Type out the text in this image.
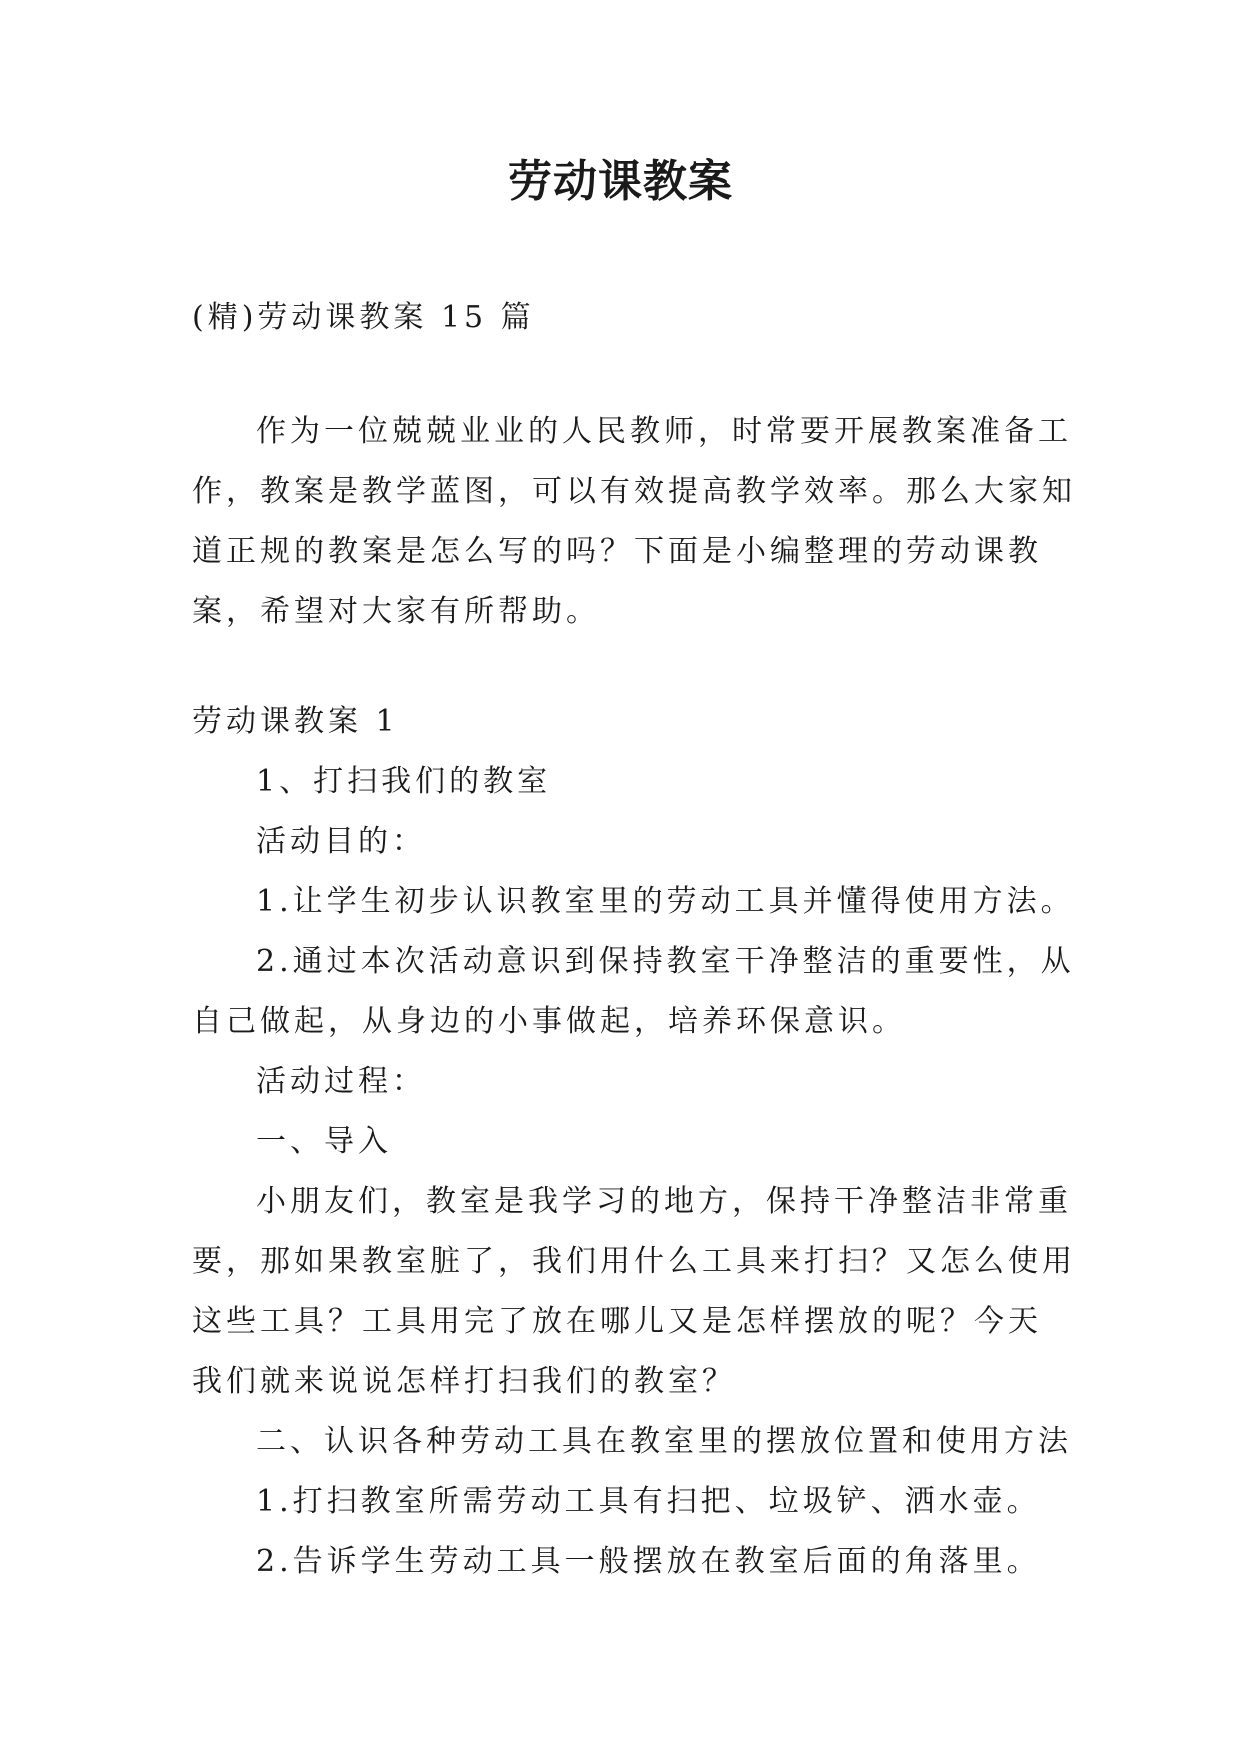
劳动课教案

(精)劳动课教案 15 篇

作为一位兢兢业业的人民教师，时常要开展教案准备工

作，教案是教学蓝图，可以有效提高教学效率。那么大家知

道正规的教案是怎么写的吗？下面是小编整理的劳动课教

案，希望对大家有所帮助。

劳动课教案 1

1、打扫我们的教室

活动目的：

1.让学生初步认识教室里的劳动工具并懂得使用方法。

2.通过本次活动意识到保持教室干净整洁的重要性，从

自己做起，从身边的小事做起，培养环保意识。

活动过程：

一、导入

小朋友们，教室是我学习的地方，保持干净整洁非常重

要，那如果教室脏了，我们用什么工具来打扫？又怎么使用

这些工具？工具用完了放在哪儿又是怎样摆放的呢？今天

我们就来说说怎样打扫我们的教室？

二、认识各种劳动工具在教室里的摆放位置和使用方法

1.打扫教室所需劳动工具有扫把、垃圾铲、洒水壶。

2.告诉学生劳动工具一般摆放在教室后面的角落里。
